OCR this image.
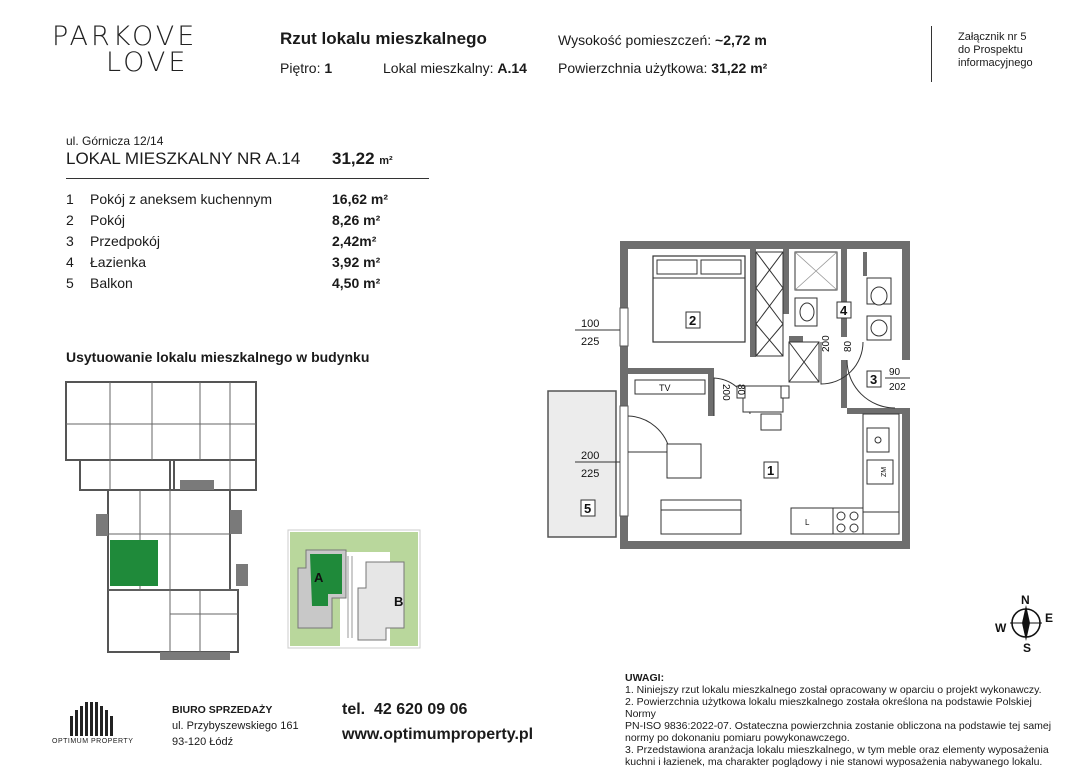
PARKOVE
LOVE
Rzut lokalu mieszkalnego
Piętro: 1	Lokal mieszkalny: A.14
Wysokość pomieszczeń: ~2,72 m
Powierzchnia użytkowa: 31,22 m²
Załącznik nr 5
do Prospektu
informacyjnego
ul. Górnicza 12/14
LOKAL MIESZKALNY NR A.14 31,22 m²
1 Pokój z aneksem kuchennym	16,62 m²
2 Pokój	8,26 m²
3 Przedpokój	2,42m²
4 Łazienka	3,92 m²
5 Balkon	4,50 m²
Usytuowanie lokalu mieszkalnego w budynku
A
B
2
4
3
TV
ZM
L
1
5
100
225
200
225
90
202
200 80
200 80
N
E
S
W
OPTIMUM PROPERTY
BIURO SPRZEDAŻY
ul. Przybyszewskiego 161
93-120 Łódź
tel.  42 620 09 06
www.optimumproperty.pl
UWAGI:
1. Niniejszy rzut lokalu mieszkalnego został opracowany w oparciu o projekt wykonawczy.
2. Powierzchnia użytkowa lokalu mieszkalnego została określona na podstawie Polskiej Normy
PN-ISO 9836:2022-07. Ostateczna powierzchnia zostanie obliczona na podstawie tej samej
normy po dokonaniu pomiaru powykonawczego.
3. Przedstawiona aranżacja lokalu mieszkalnego, w tym meble oraz elementy wyposażenia
kuchni i łazienek, ma charakter poglądowy i nie stanowi wyposażenia nabywanego lokalu.
